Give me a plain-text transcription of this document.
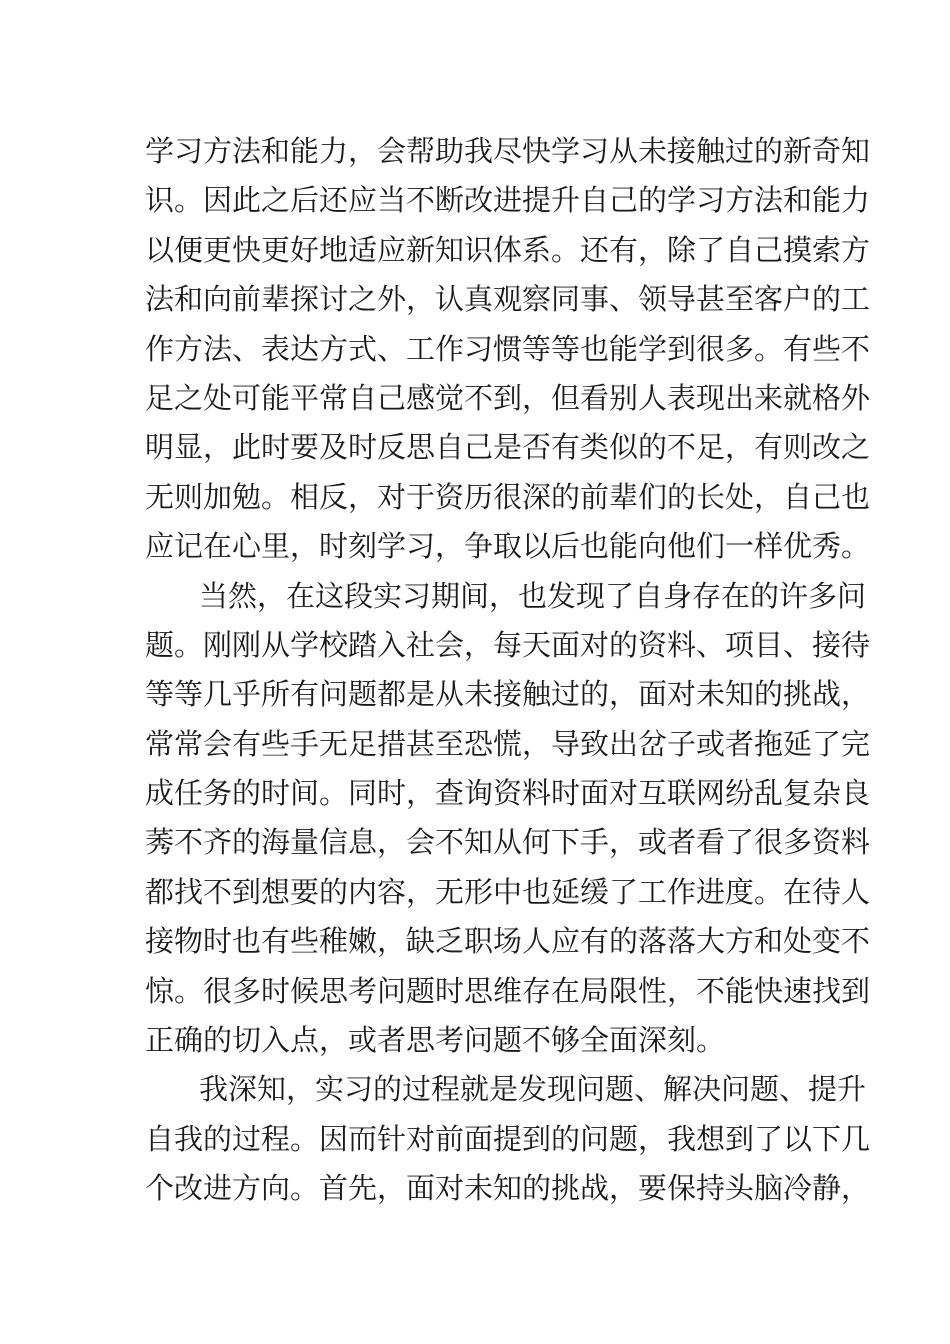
学习方法和能力，会帮助我尽快学习从未接触过的新奇知
识。因此之后还应当不断改进提升自己的学习方法和能力
以便更快更好地适应新知识体系。还有，除了自己摸索方
法和向前辈探讨之外，认真观察同事、领导甚至客户的工
作方法、表达方式、工作习惯等等也能学到很多。有些不
足之处可能平常自己感觉不到，但看别人表现出来就格外
明显，此时要及时反思自己是否有类似的不足，有则改之
无则加勉。相反，对于资历很深的前辈们的长处，自己也
应记在心里，时刻学习，争取以后也能向他们一样优秀。
当然，在这段实习期间，也发现了自身存在的许多问
题。刚刚从学校踏入社会，每天面对的资料、项目、接待
等等几乎所有问题都是从未接触过的，面对未知的挑战，
常常会有些手无足措甚至恐慌，导致出岔子或者拖延了完
成任务的时间。同时，查询资料时面对互联网纷乱复杂良
莠不齐的海量信息，会不知从何下手，或者看了很多资料
都找不到想要的内容，无形中也延缓了工作进度。在待人
接物时也有些稚嫩，缺乏职场人应有的落落大方和处变不
惊。很多时候思考问题时思维存在局限性，不能快速找到
正确的切入点，或者思考问题不够全面深刻。
我深知，实习的过程就是发现问题、解决问题、提升
自我的过程。因而针对前面提到的问题，我想到了以下几
个改进方向。首先，面对未知的挑战，要保持头脑冷静，
